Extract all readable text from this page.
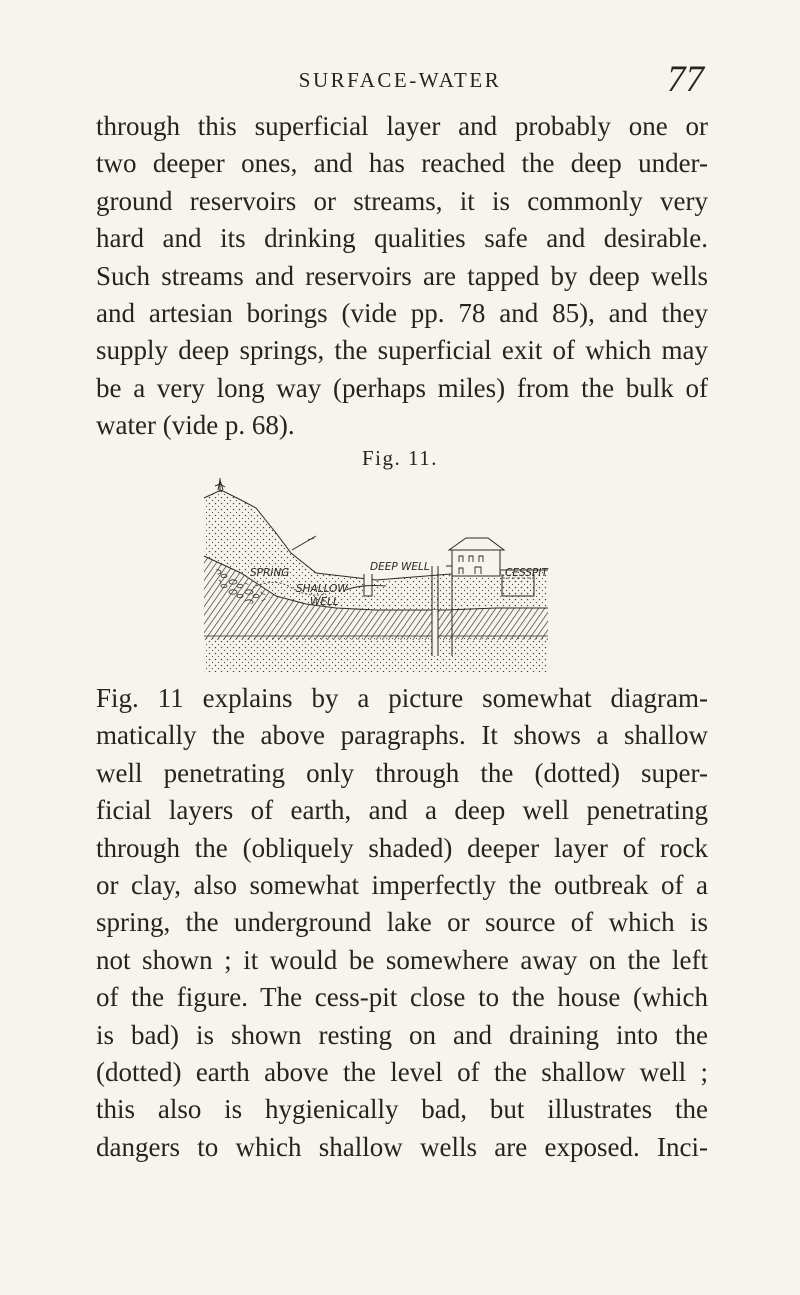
SURFACE-WATER	77
through this superficial layer and probably one or
two deeper ones, and has reached the deep under-
ground reservoirs or streams, it is commonly very
hard and its drinking qualities safe and desirable.
Such streams and reservoirs are tapped by deep wells
and artesian borings (vide pp. 78 and 85), and they
supply deep springs, the superficial exit of which may
be a very long way (perhaps miles) from the bulk of
water (vide p. 68).
Fig. 11.
SPRING	DEEP WELL
SHALLOW
WELL
CESSPIT
Fig. 11 explains by a picture somewhat diagram-
matically the above paragraphs. It shows a shallow
well penetrating only through the (dotted) super-
ficial layers of earth, and a deep well penetrating
through the (obliquely shaded) deeper layer of rock
or clay, also somewhat imperfectly the outbreak of a
spring, the underground lake or source of which is
not shown ; it would be somewhere away on the left
of the figure. The cess-pit close to the house (which
is bad) is shown resting on and draining into the
(dotted) earth above the level of the shallow well ;
this also is hygienically bad, but illustrates the
dangers to which shallow wells are exposed. Inci-
